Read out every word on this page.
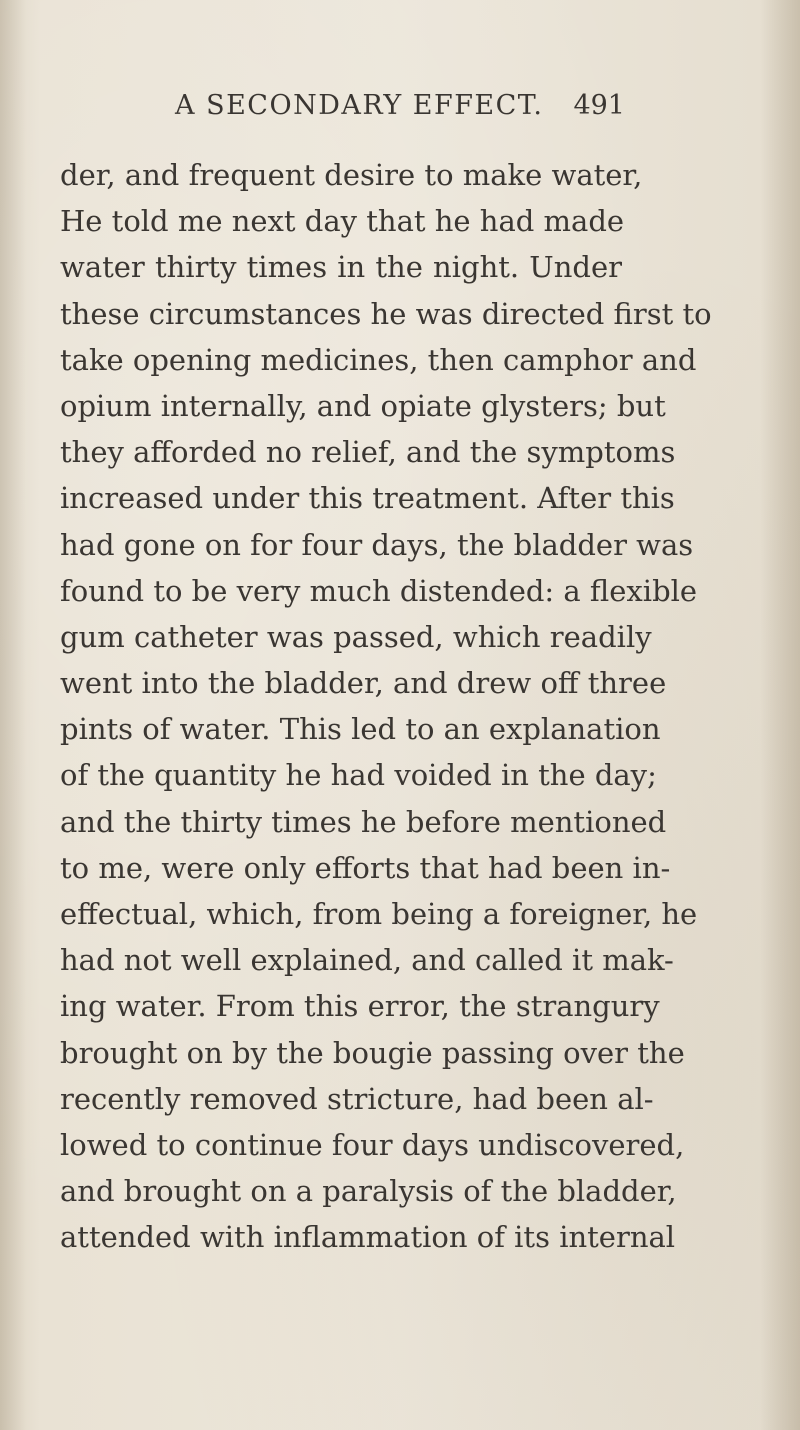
A SECONDARY EFFECT. 491
der, and frequent desire to make water,
He told me next day that he had made
water thirty times in the night. Under
these circumstances he was directed first to
take opening medicines, then camphor and
opium internally, and opiate glysters; but
they afforded no relief, and the symptoms
increased under this treatment. After this
had gone on for four days, the bladder was
found to be very much distended: a flexible
gum catheter was passed, which readily
went into the bladder, and drew off three
pints of water. This led to an explanation
of the quantity he had voided in the day;
and the thirty times he before mentioned
to me, were only efforts that had been in-
effectual, which, from being a foreigner, he
had not well explained, and called it mak-
ing water. From this error, the strangury
brought on by the bougie passing over the
recently removed stricture, had been al-
lowed to continue four days undiscovered,
and brought on a paralysis of the bladder,
attended with inflammation of its internal
